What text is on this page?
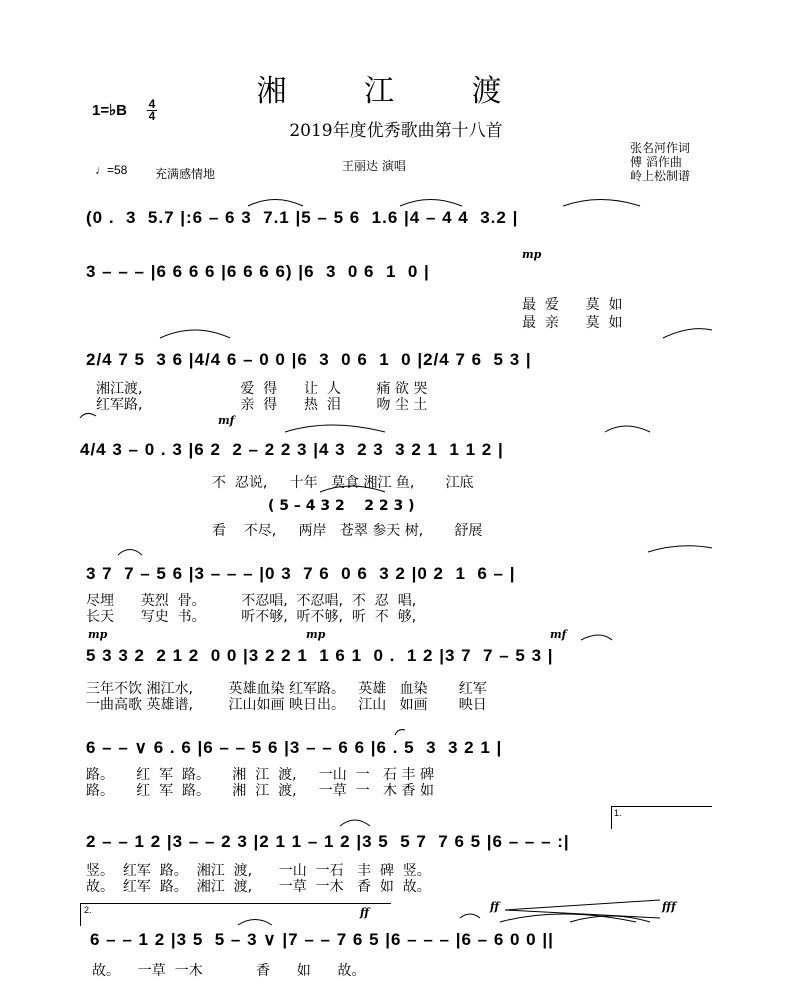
湘 江 渡
2019年度优秀歌曲第十八首
1=♭B 4
4
♩=58 充满感情地
王丽达 演唱
张名河作词
傅 滔作曲
岭上松制谱
(0 .  3  5.7 |:6 – 6 3  7.1 |5 – 5 6  1.6 |4 – 4 4  3.2 |
mp
3 – – – |6 6 6 6 |6 6 6 6) |6  3  0 6  1  0 |
最  爱      莫  如
最  亲      莫  如
2/4 7 5  3 6 |4/4 6 – 0 0 |6  3  0 6  1  0 |2/4 7 6  5 3 |
湘江渡,                      爱  得      让  人        痛 欲 哭
红军路,                      亲  得      热  泪        吻 尘 土
mf
4/4 3 – 0 . 3 |6 2  2 – 2 2 3 |4 3  2 3  3 2 1  1 1 2 |
不  忍说,     十年   莫食 湘江 鱼,       江底
( 5 – 4 3 2    2 2 3 )
看    不尽,     两岸   苍翠 参天 树,       舒展
3 7  7 – 5 6 |3 – – – |0 3  7 6  0 6  3 2 |0 2  1  6 – |
尽埋      英烈  骨。        不忍唱,  不忍唱,  不  忍  唱,
长天      写史  书。        听不够,  听不够,  听  不  够,
mp	mp	mf
5 3 3 2  2 1 2  0 0 |3 2 2 1  1 6 1  0 .  1 2 |3 7  7 – 5 3 |
三年不饮 湘江水,        英雄血染 红军路。   英雄   血染       红军
一曲高歌 英雄谱,        江山如画 映日出。   江山   如画       映日
6 – – ∨ 6 . 6 |6 – – 5 6 |3 – – 6 6 |6 . 5  3  3 2 1 |
路。     红  军  路。     湘  江  渡,     一山  一   石 丰 碑
路。     红  军  路。     湘  江  渡,     一草  一   木 香 如
1.
2 – – 1 2 |3 – – 2 3 |2 1 1 – 1 2 |3 5  5 7  7 6 5 |6 – – – :|
竖。  红军  路。  湘江  渡,      一山  一石   丰  碑  竖。
故。  红军  路。  湘江  渡,      一草  一木   香  如  故。
2.	ff	ff	fff
6 – – 1 2 |3 5  5 – 3 ∨ |7 – – 7 6 5 |6 – – – |6 – 6 0 0 ||
故。    一草  一木            香      如      故。
